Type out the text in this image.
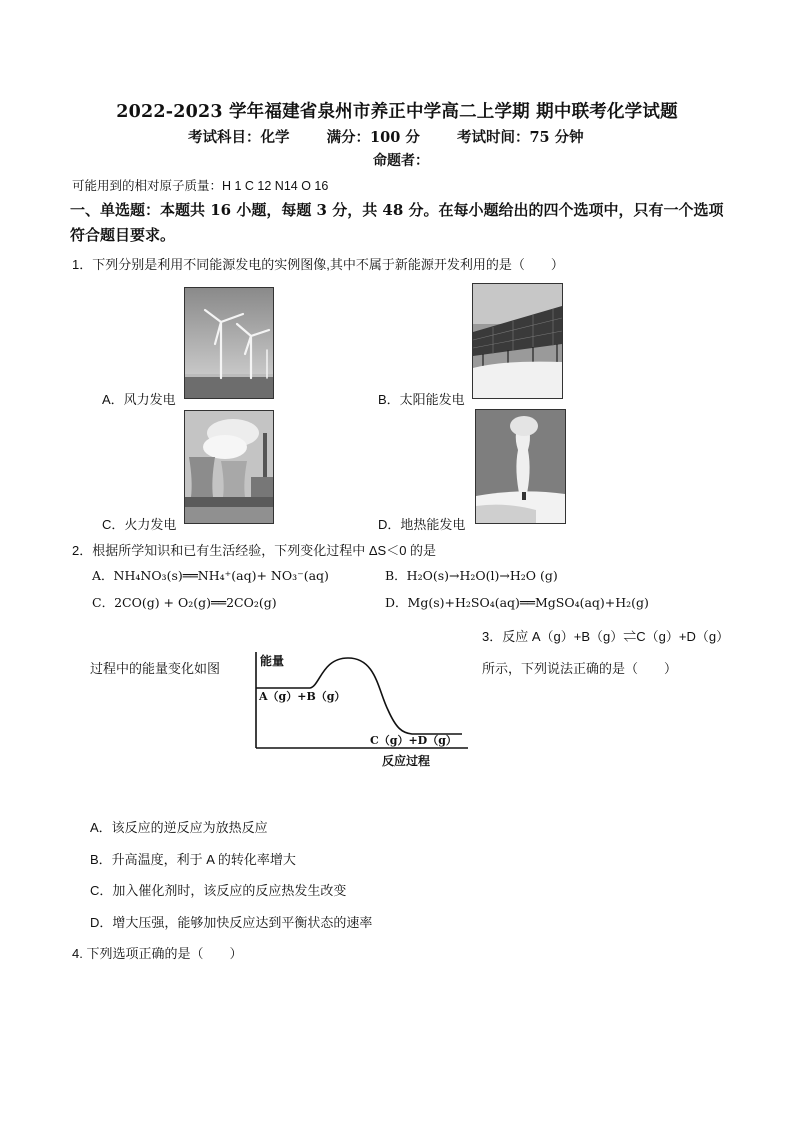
2022-2023 学年福建省泉州市养正中学高二上学期 期中联考化学试题
考试科目：化学	满分：100 分	考试时间：75 分钟
命题者：
可能用到的相对原子质量：H 1 C 12 N14 O 16
一、单选题：本题共 16 小题，每题 3 分，共 48 分。在每小题给出的四个选项中，只有一个选项符合题目要求。
1．下列分别是利用不同能源发电的实例图像,其中不属于新能源开发利用的是（　　）
A．风力发电	B．太阳能发电
C．火力发电	D．地热能发电
2．根据所学知识和已有生活经验，下列变化过程中 ΔS＜0 的是
A．NH₄NO₃(s)══NH₄⁺(aq)+ NO₃⁻(aq)	B．H₂O(s)→H₂O(l)→H₂O (g)
C．2CO(g) + O₂(g)══2CO₂(g)	D．Mg(s)+H₂SO₄(aq)══MgSO₄(aq)+H₂(g)
3．反应 A（g）+B（g）⇌C（g）+D（g）
过程中的能量变化如图	所示，下列说法正确的是（　　）
能量
A（g）+B（g）
C（g）+D（g）
反应过程
A．该反应的逆反应为放热反应
B．升高温度，利于 A 的转化率增大
C．加入催化剂时，该反应的反应热发生改变
D．增大压强，能够加快反应达到平衡状态的速率
4. 下列选项正确的是（　　）
